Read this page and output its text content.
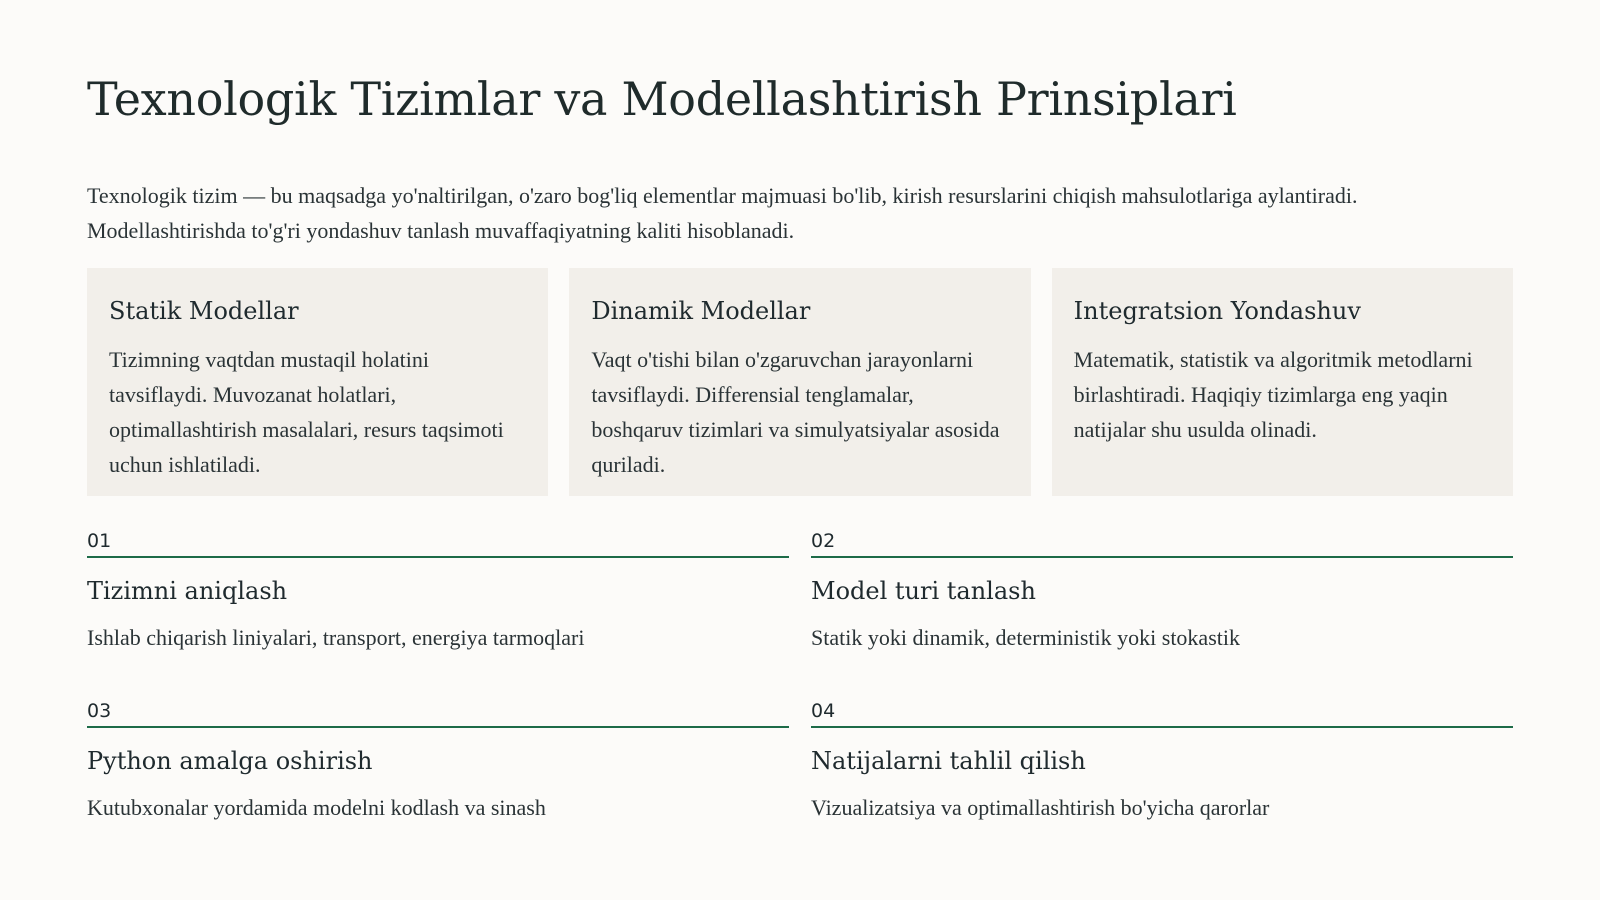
Texnologik Tizimlar va Modellashtirish Prinsiplari

Texnologik tizim — bu maqsadga yo'naltirilgan, o'zaro bog'liq elementlar majmuasi bo'lib, kirish resurslarini chiqish mahsulotlariga aylantiradi. Modellashtirishda to'g'ri yondashuv tanlash muvaffaqiyatning kaliti hisoblanadi.

Statik Modellar

Tizimning vaqtdan mustaqil holatini tavsiflaydi. Muvozanat holatlari, optimallashtirish masalalari, resurs taqsimoti uchun ishlatiladi.

Dinamik Modellar

Vaqt o'tishi bilan o'zgaruvchan jarayonlarni tavsiflaydi. Differensial tenglamalar, boshqaruv tizimlari va simulyatsiyalar asosida quriladi.

Integratsion Yondashuv

Matematik, statistik va algoritmik metodlarni birlashtiradi. Haqiqiy tizimlarga eng yaqin natijalar shu usulda olinadi.

01
Tizimni aniqlash

Ishlab chiqarish liniyalari, transport, energiya tarmoqlari

02
Model turi tanlash

Statik yoki dinamik, deterministik yoki stokastik

03
Python amalga oshirish

Kutubxonalar yordamida modelni kodlash va sinash

04
Natijalarni tahlil qilish

Vizualizatsiya va optimallashtirish bo'yicha qarorlar
